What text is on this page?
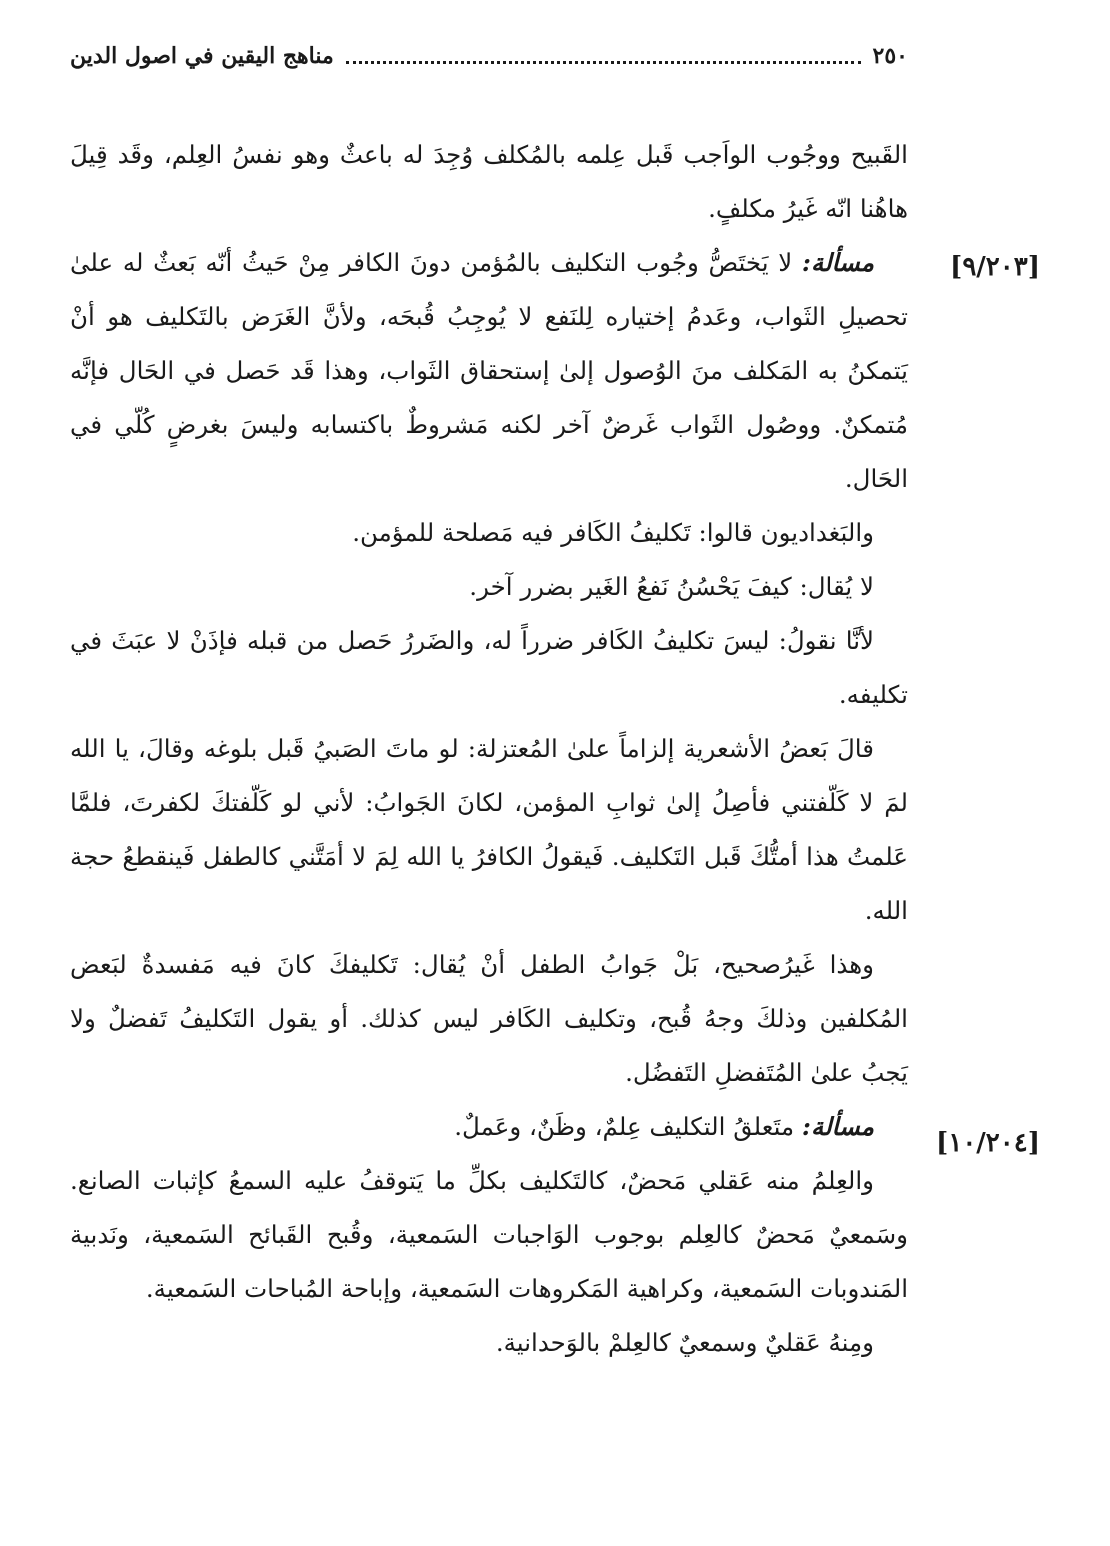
٢٥٠
مناهج اليقين في اصول الدين
[٩/٢٠٣]
[١٠/٢٠٤]

القَبيح ووجُوب الواَجب قَبل عِلمه بالمُكلف وُجِدَ له باعثٌ وهو نفسُ العِلم، وقَد قِيلَ هاهُنا انّه غَيرُ مكلفٍ.

مسألة: لا يَختَصُّ وجُوب التكليف بالمُؤمن دونَ الكافر مِنْ حَيثُ أنّه بَعثٌ له علىٰ تحصيلِ الثَواب، وعَدمُ إختياره لِلنَفع لا يُوجِبُ قُبحَه، ولأنَّ الغَرَض بالتَكليف هو أنْ يَتمكنُ به المَكلف منَ الوُصول إلىٰ إستحقاق الثَواب، وهذا قَد حَصل في الحَال فإنَّه مُتمكنٌ. ووصُول الثَواب غَرضٌ آخر لكنه مَشروطٌ باكتسابه وليسَ بغرضٍ كُلّي في الحَال.

والبَغداديون قالوا: تَكليفُ الكَافر فيه مَصلحة للمؤمن.

لا يُقال: كيفَ يَحْسُنُ نَفعُ الغَير بضرر آخر.

لأنَّا نقولُ: ليسَ تكليفُ الكَافر ضرراً له، والضَررُ حَصل من قبله فإذَنْ لا عبَثَ في تكليفه.

قالَ بَعضُ الأشعرية إلزاماً علىٰ المُعتزلة: لو ماتَ الصَبيُ قَبل بلوغه وقالَ، يا الله لمَ لا كَلّفتني فأصِلُ إلىٰ ثوابِ المؤمن، لكانَ الجَوابُ: لأني لو كَلّفتكَ لكفرتَ، فلمَّا عَلمتُ هذا أمتُّكَ قَبل التَكليف. فَيقولُ الكافرُ يا الله لِمَ لا أمَتَّني كالطفل فَينقطعُ حجة الله.

وهذا غَيرُصحيح، بَلْ جَوابُ الطفل أنْ يُقال: تَكليفكَ كانَ فيه مَفسدةٌ لبَعض المُكلفين وذلكَ وجهُ قُبح، وتكليف الكَافر ليس كذلك. أو يقول التَكليفُ تَفضلٌ ولا يَجبُ علىٰ المُتَفضلِ التَفضُل.

مسألة: متَعلقُ التكليف عِلمٌ، وظَنٌ، وعَملٌ.

والعِلمُ منه عَقلي مَحضٌ، كالتَكليف بكلِّ ما يَتوقفُ عليه السمعُ كإثبات الصانع. وسَمعيٌ مَحضٌ كالعِلم بوجوب الوَاجبات السَمعية، وقُبح القَبائح السَمعية، ونَدبية المَندوبات السَمعية، وكراهية المَكروهات السَمعية، وإباحة المُباحات السَمعية.

ومِنهُ عَقليٌ وسمعيٌ كالعِلمْ بالوَحدانية.
